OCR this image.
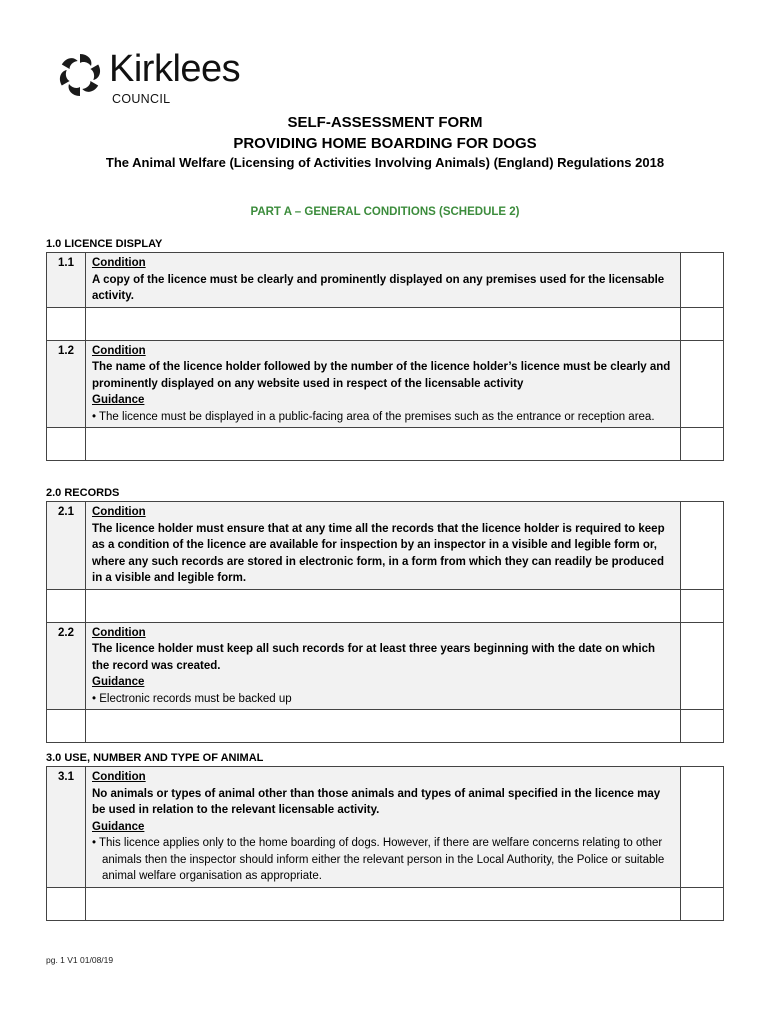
Kirklees
COUNCIL
SELF-ASSESSMENT FORM
PROVIDING HOME BOARDING FOR DOGS
The Animal Welfare (Licensing of Activities Involving Animals) (England) Regulations 2018
PART A – GENERAL CONDITIONS (SCHEDULE 2)
1.0 LICENCE DISPLAY
1.1	Condition
A copy of the licence must be clearly and prominently displayed on any premises used for the licensable activity.	

1.2	Condition
The name of the licence holder followed by the number of the licence holder’s licence must be clearly and prominently displayed on any website used in respect of the licensable activity
Guidance
• The licence must be displayed in a public-facing area of the premises such as the entrance or reception area.	

2.0 RECORDS
2.1	Condition
The licence holder must ensure that at any time all the records that the licence holder is required to keep as a condition of the licence are available for inspection by an inspector in a visible and legible form or, where any such records are stored in electronic form, in a form from which they can readily be produced in a visible and legible form.	

2.2	Condition
The licence holder must keep all such records for at least three years beginning with the date on which the record was created.
Guidance
• Electronic records must be backed up	

3.0 USE, NUMBER AND TYPE OF ANIMAL
3.1	Condition
No animals or types of animal other than those animals and types of animal specified in the licence may be used in relation to the relevant licensable activity.
Guidance
• This licence applies only to the home boarding of dogs. However, if there are welfare concerns relating to other animals then the inspector should inform either the relevant person in the Local Authority, the Police or suitable animal welfare organisation as appropriate.	

pg. 1 V1 01/08/19
